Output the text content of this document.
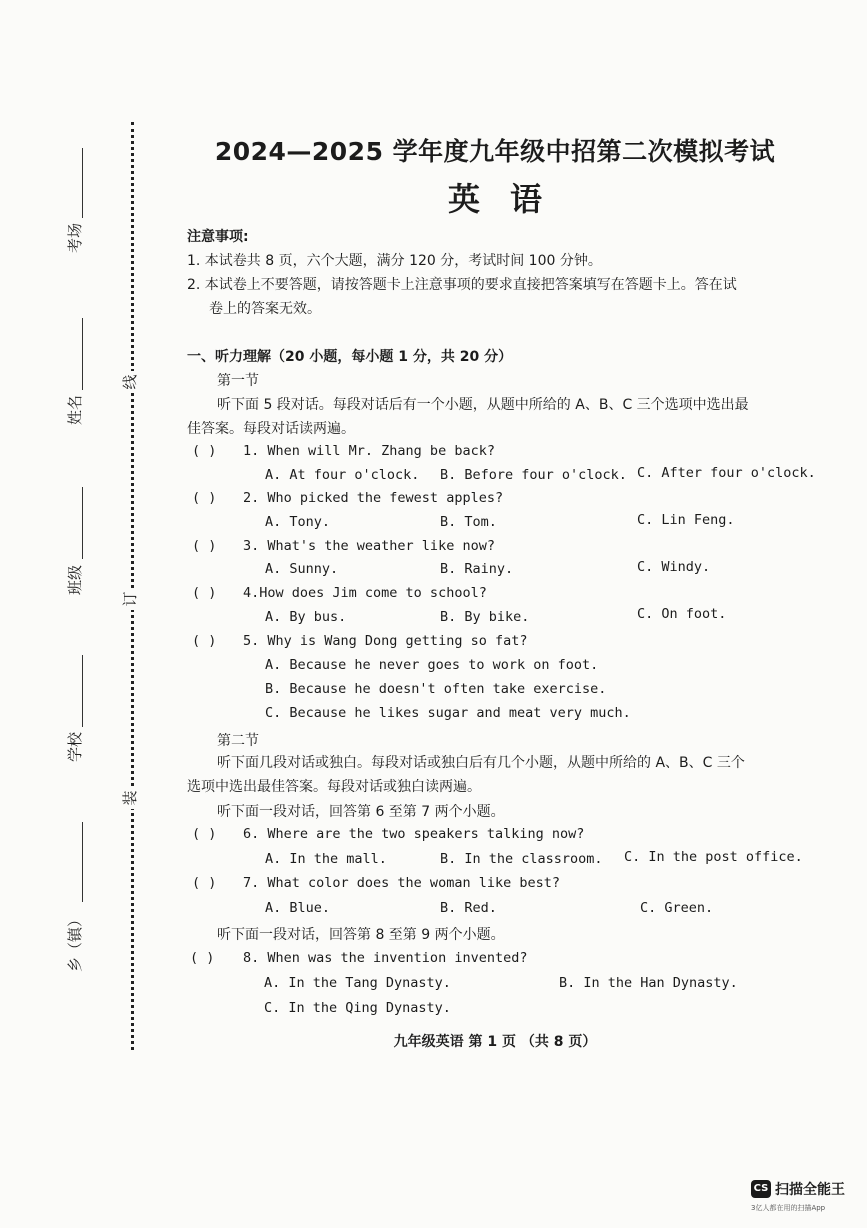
考场
姓名
班级
学校
乡（镇）
线
订
装
2024—2025 学年度九年级中招第二次模拟考试
英语
注意事项:
1. 本试卷共 8 页，六个大题，满分 120 分，考试时间 100 分钟。
2. 本试卷上不要答题，请按答题卡上注意事项的要求直接把答案填写在答题卡上。答在试
卷上的答案无效。
一、听力理解（20 小题，每小题 1 分，共 20 分）
第一节
听下面 5 段对话。每段对话后有一个小题，从题中所给的 A、B、C 三个选项中选出最
佳答案。每段对话读两遍。
( ) 1. When will Mr. Zhang be back?
A. At four o'clock. B. Before four o'clock. C. After four o'clock.
( ) 2. Who picked the fewest apples?
A. Tony.	B. Tom.	C. Lin Feng.
( ) 3. What's the weather like now?
A. Sunny.	B. Rainy.	C. Windy.
( ) 4.How does Jim come to school?
A. By bus.	B. By bike.	C. On foot.
( ) 5. Why is Wang Dong getting so fat?
A. Because he never goes to work on foot.
B. Because he doesn't often take exercise.
C. Because he likes sugar and meat very much.
第二节
听下面几段对话或独白。每段对话或独白后有几个小题，从题中所给的 A、B、C 三个
选项中选出最佳答案。每段对话或独白读两遍。
听下面一段对话，回答第 6 至第 7 两个小题。
( ) 6. Where are the two speakers talking now?
A. In the mall.	B. In the classroom. C. In the post office.
( ) 7. What color does the woman like best?
A. Blue.	B. Red.	C. Green.
听下面一段对话，回答第 8 至第 9 两个小题。
( ) 8. When was the invention invented?
A. In the Tang Dynasty.	B. In the Han Dynasty.
C. In the Qing Dynasty.
九年级英语 第 1 页 （共 8 页）
CS 扫描全能王
3亿人都在用的扫描App
